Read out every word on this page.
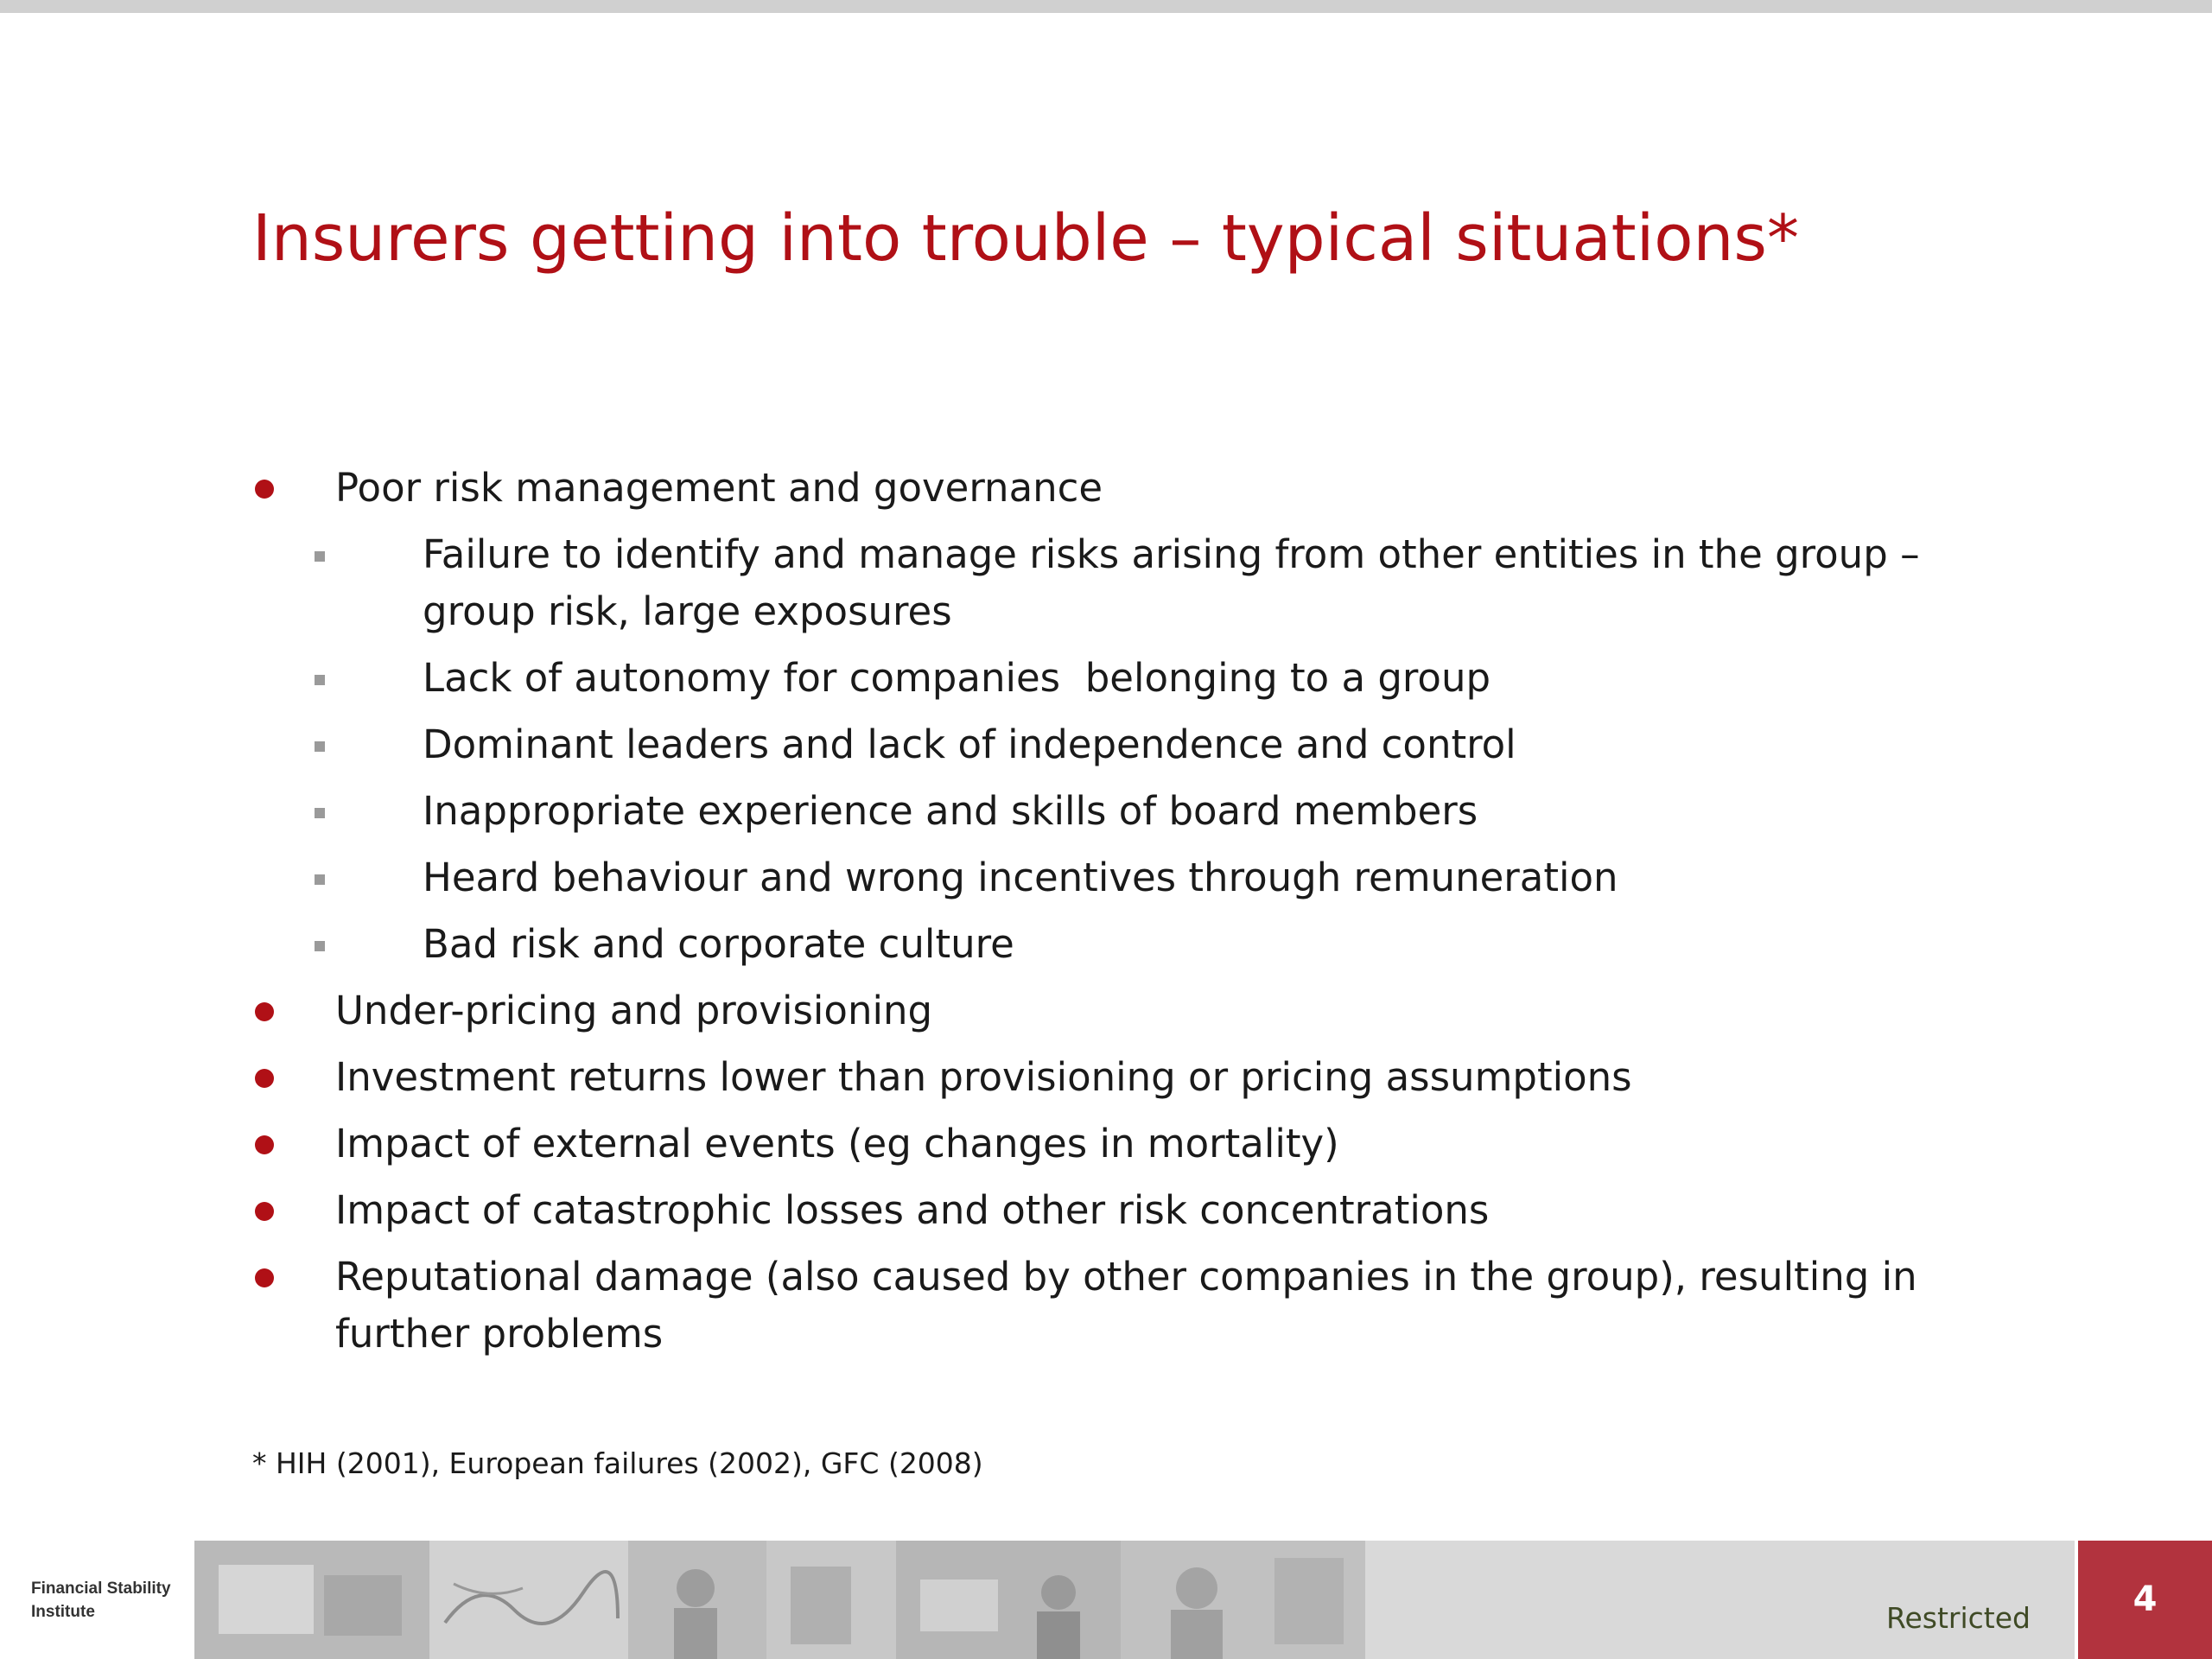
Insurers getting into trouble – typical situations*
Poor risk management and governance
Failure to identify and manage risks arising from other entities in the group – group risk, large exposures
Lack of autonomy for companies  belonging to a group
Dominant leaders and lack of independence and control
Inappropriate experience and skills of board members
Heard behaviour and wrong incentives through remuneration
Bad risk and corporate culture
Under-pricing and provisioning
Investment returns lower than provisioning or pricing assumptions
Impact of external events (eg changes in mortality)
Impact of catastrophic losses and other risk concentrations
Reputational damage (also caused by other companies in the group), resulting in further problems
* HIH (2001), European failures (2002), GFC (2008)
Financial Stability
Institute	Restricted	4
